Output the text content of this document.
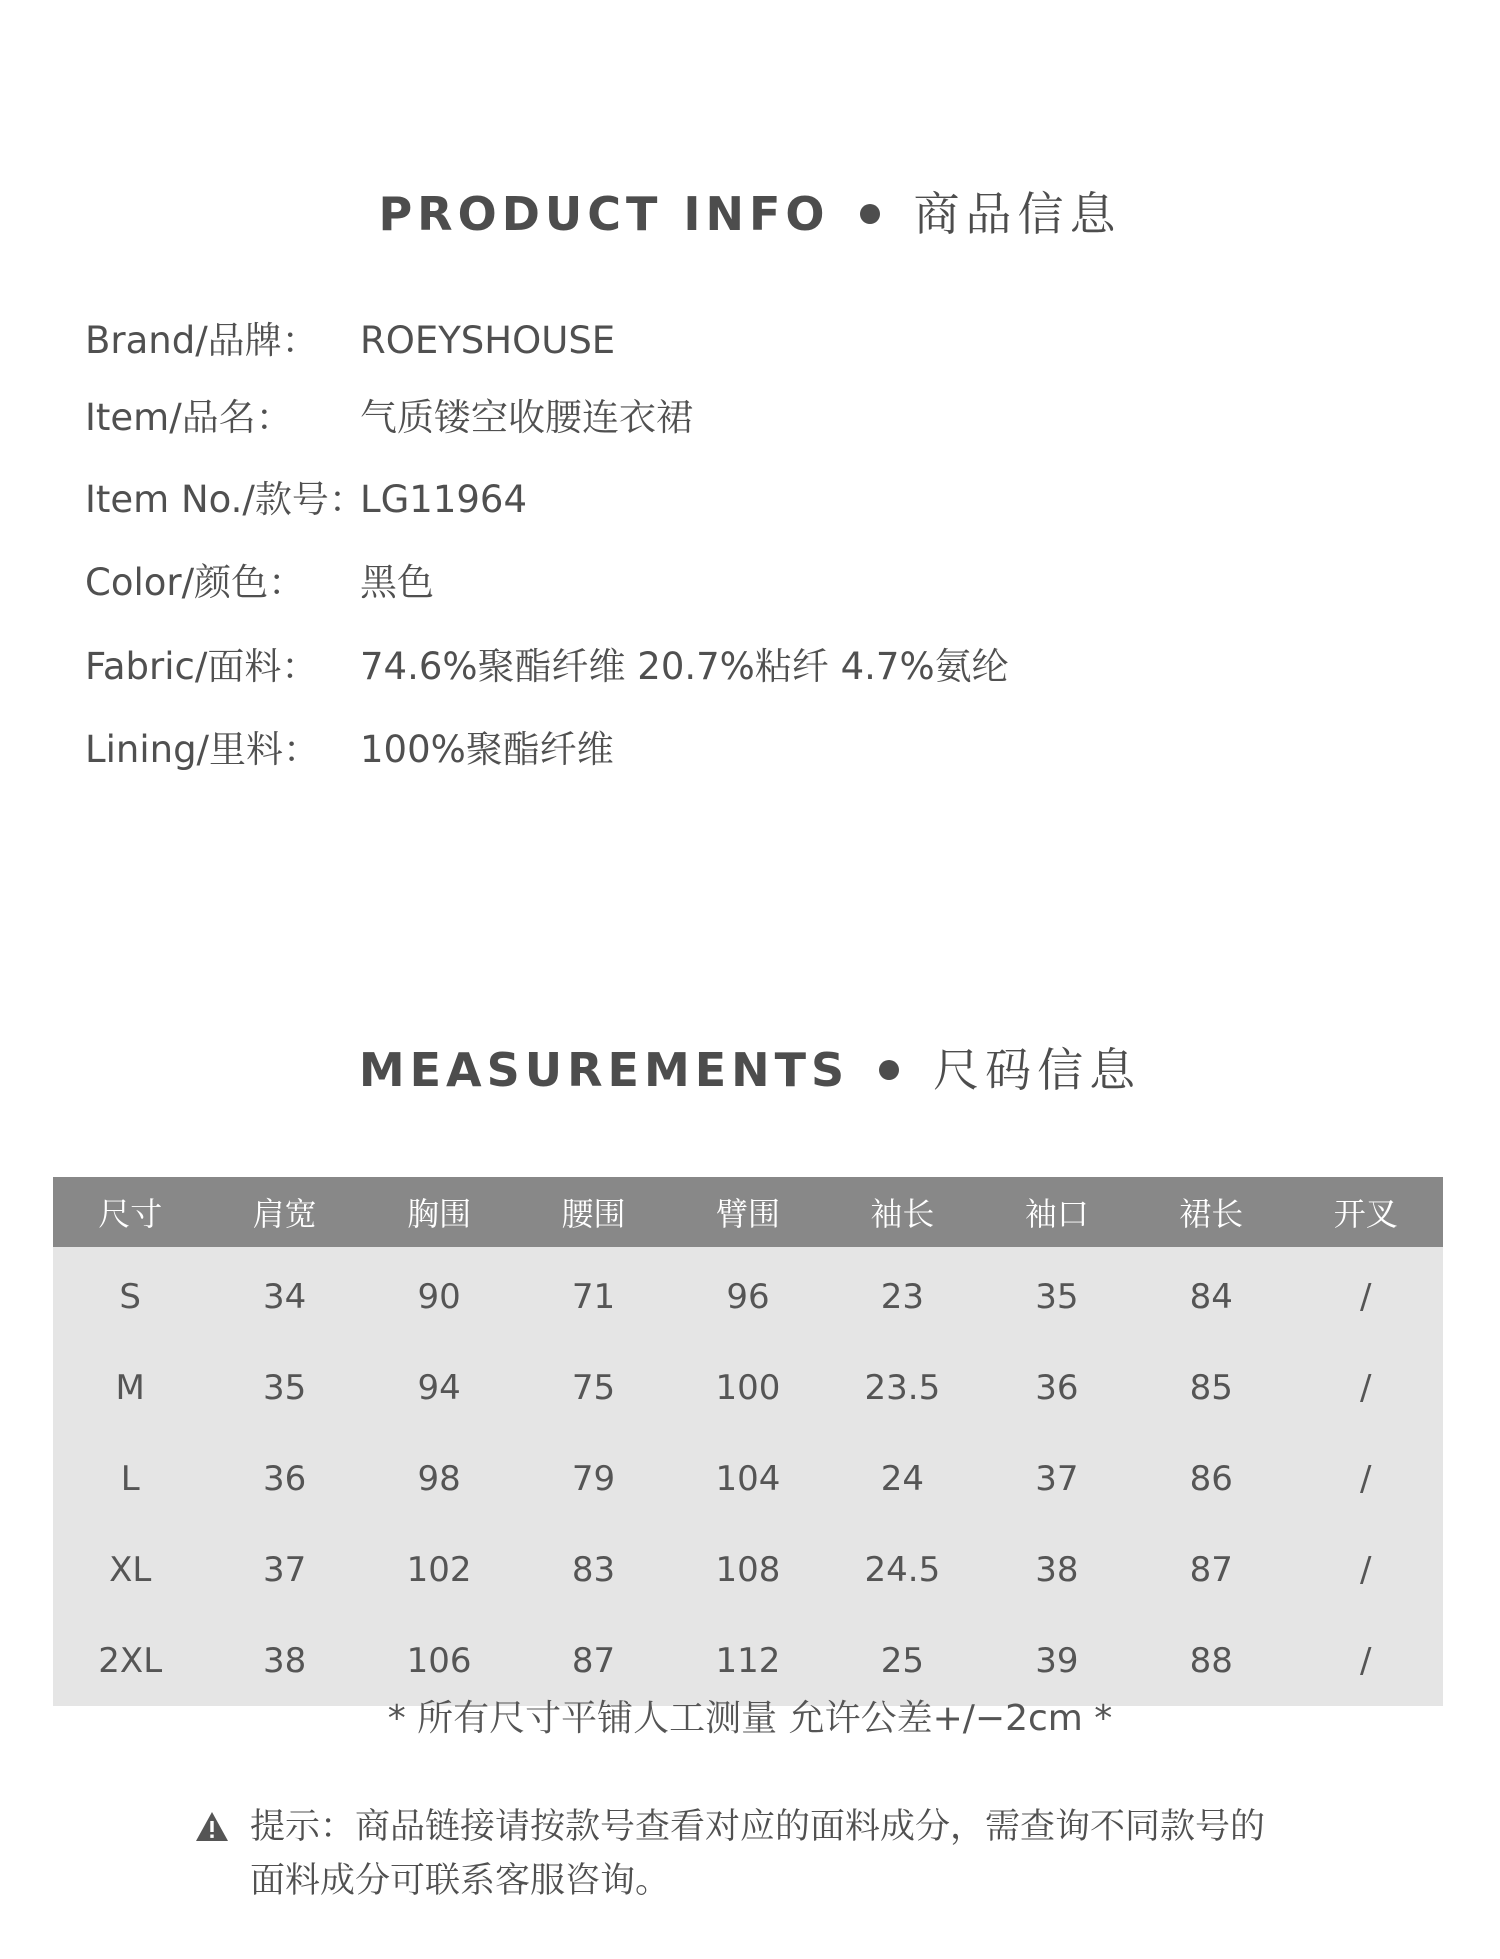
PRODUCT INFO 商品信息
Brand/品牌： ROEYSHOUSE
Item/品名： 气质镂空收腰连衣裙
Item No./款号：LG11964
Color/颜色： 黑色
Fabric/面料： 74.6%聚酯纤维 20.7%粘纤 4.7%氨纶
Lining/里料： 100%聚酯纤维
MEASUREMENTS 尺码信息
尺寸	肩宽	胸围	腰围	臂围	袖长	袖口	裙长	开叉
S	34	90	71	96	23	35	84	/
M	35	94	75	100	23.5	36	85	/
L	36	98	79	104	24	37	86	/
XL	37	102	83	108	24.5	38	87	/
2XL	38	106	87	112	25	39	88	/
* 所有尺寸平铺人工测量 允许公差+/−2cm *
提示：商品链接请按款号查看对应的面料成分，需查询不同款号的
面料成分可联系客服咨询。
